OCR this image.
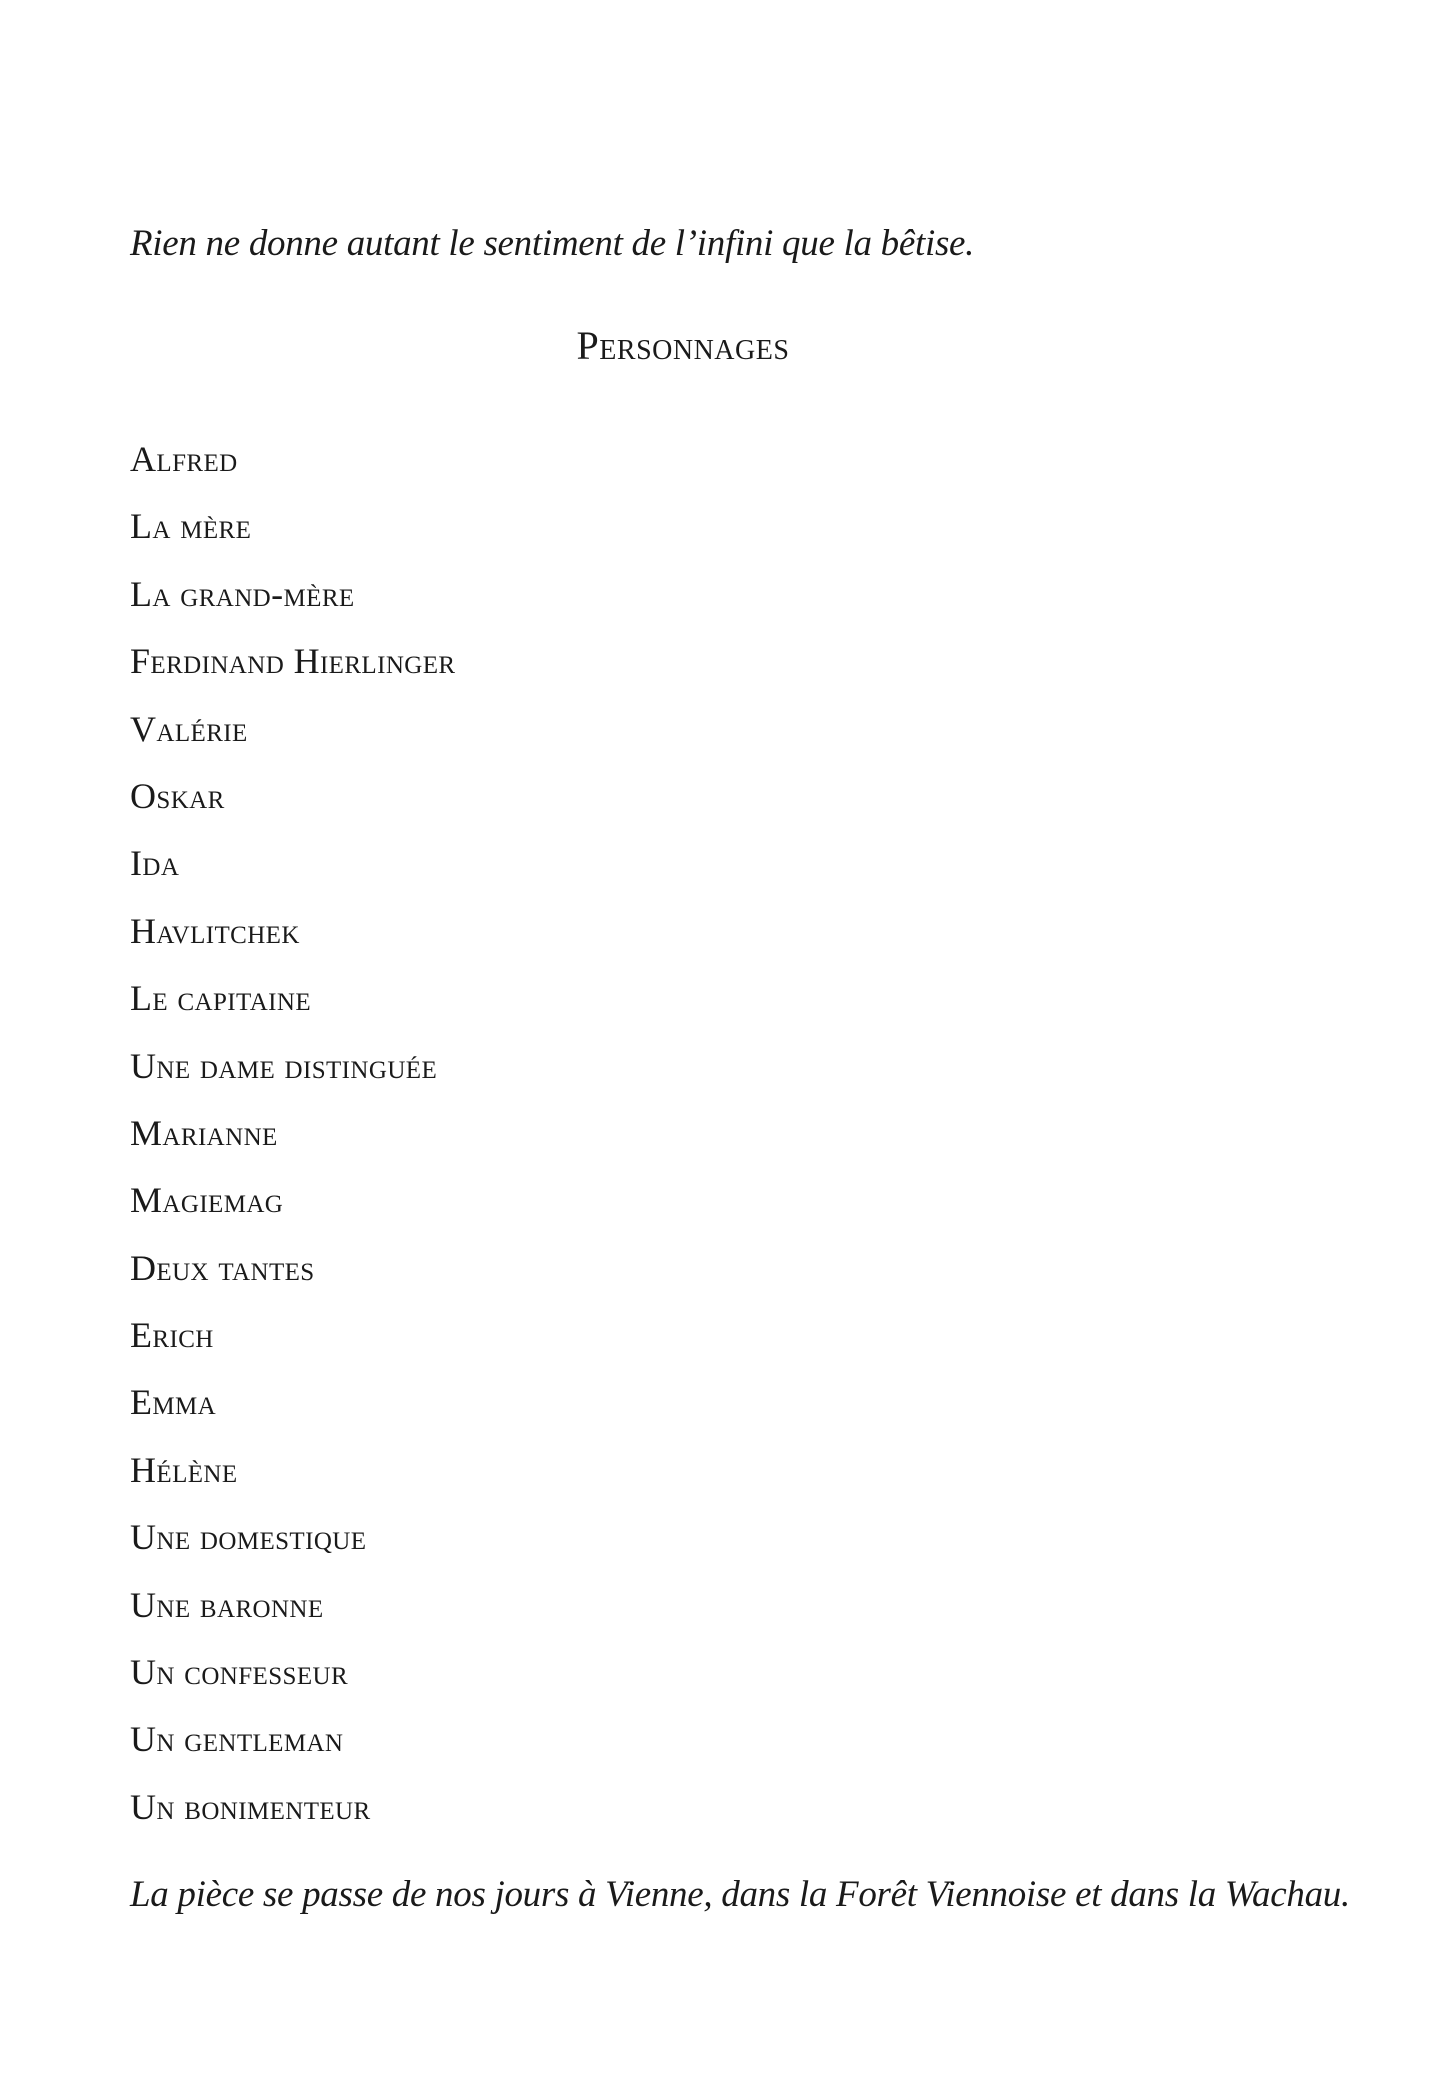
Rien ne donne autant le sentiment de l’infini que la bêtise.
Personnages
Alfred
La mère
La grand-mère
Ferdinand Hierlinger
Valérie
Oskar
Ida
Havlitchek
Le capitaine
Une dame distinguée
Marianne
Magiemag
Deux tantes
Erich
Emma
Hélène
Une domestique
Une baronne
Un confesseur
Un gentleman
Un bonimenteur
La pièce se passe de nos jours à Vienne, dans la Forêt Viennoise et dans la Wachau.
